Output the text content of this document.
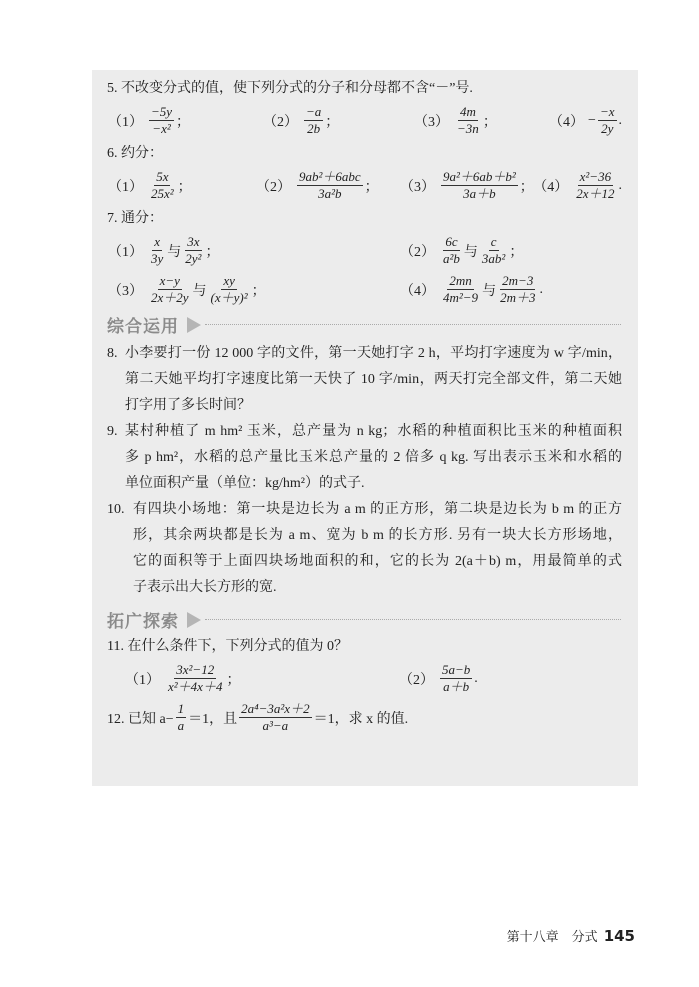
5. 不改变分式的值，使下列分式的分子和分母都不含“－”号.
$(1) \frac{-5y}{\text{−x²}}$ ；	$(2) \frac{-a}{2b}$ ；	$(3) \frac{4m}{-3n}$ ；	$(4) - \frac{-x}{2y}$ .
6. 约分：
$(1) \frac{5x}{\text{25x²}}$ ；	$(2) \frac{\text{9ab²＋6abc}}{\text{3a²b}}$ ； $(3) \frac{\text{9a²＋6ab＋b²}}{3a+b}$ ； $(4) \frac{\text{x²−36}}{2x+12}$ .
7. 通分：
$(1) \frac{x}{3y}$ 与 $\frac{3x}{\text{2y²}}$ ；	$(2) \frac{6c}{\text{a²b}}$ 与 $\frac{c}{\text{3ab²}}$ ；
$(3) \frac{x-y}{2x+2y}$ 与 $\frac{xy}{\text{(x＋y)²}}$ ；	$(4) \frac{2mn}{\text{4m²−9}}$ 与 $\frac{2m-3}{2m+3}$ .
综合运用
8. 小李要打一份 12 000 字的文件，第一天她打字 2 h，平均打字速度为 w 字/min，
第二天她平均打字速度比第一天快了 10 字/min，两天打完全部文件，第二天她
打字用了多长时间？
9. 某村种植了 m hm² 玉米，总产量为 n kg；水稻的种植面积比玉米的种植面积
多 p hm²，水稻的总产量比玉米总产量的 2 倍多 q kg. 写出表示玉米和水稻的
单位面积产量（单位：kg/hm²）的式子.
10. 有四块小场地：第一块是边长为 a m 的正方形，第二块是边长为 b m 的正方
形，其余两块都是长为 a m、宽为 b m 的长方形. 另有一块大长方形场地，
它的面积等于上面四块场地面积的和，它的长为 2(a＋b) m，用最简单的式
子表示出大长方形的宽.
拓广探索
11. 在什么条件下，下列分式的值为 0？
$(1) \frac{\text{3x²−12}}{\text{x²＋4x＋4}}$ ；	$(2) \frac{5a-b}{a+b}$ .
12. 已知 $a- \frac{1}{a} =1$，且 $\frac{\text{2a⁴−3a²x＋2}}{\text{a³−a}} =1$，求 x 的值.
第十八章　分式 145
